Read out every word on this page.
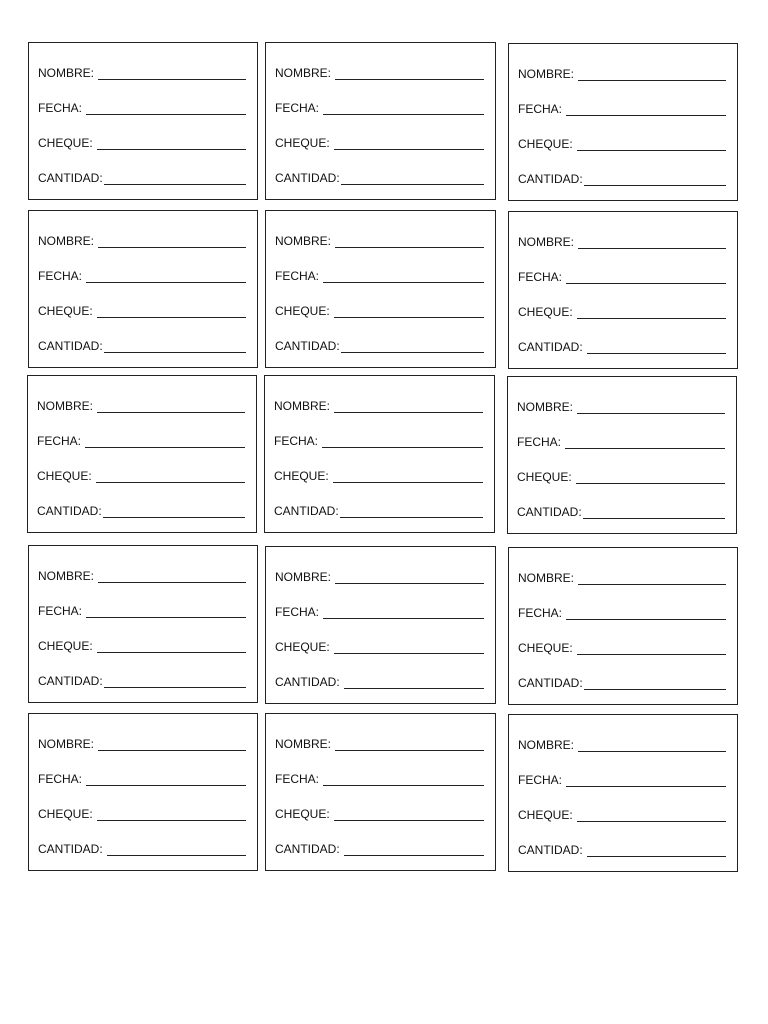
NOMBRE:
FECHA:
CHEQUE:
CANTIDAD:
NOMBRE:
FECHA:
CHEQUE:
CANTIDAD:
NOMBRE:
FECHA:
CHEQUE:
CANTIDAD:
NOMBRE:
FECHA:
CHEQUE:
CANTIDAD:
NOMBRE:
FECHA:
CHEQUE:
CANTIDAD:
NOMBRE:
FECHA:
CHEQUE:
CANTIDAD:
NOMBRE:
FECHA:
CHEQUE:
CANTIDAD:
NOMBRE:
FECHA:
CHEQUE:
CANTIDAD:
NOMBRE:
FECHA:
CHEQUE:
CANTIDAD:
NOMBRE:
FECHA:
CHEQUE:
CANTIDAD:
NOMBRE:
FECHA:
CHEQUE:
CANTIDAD:
NOMBRE:
FECHA:
CHEQUE:
CANTIDAD:
NOMBRE:
FECHA:
CHEQUE:
CANTIDAD:
NOMBRE:
FECHA:
CHEQUE:
CANTIDAD:
NOMBRE:
FECHA:
CHEQUE:
CANTIDAD:
